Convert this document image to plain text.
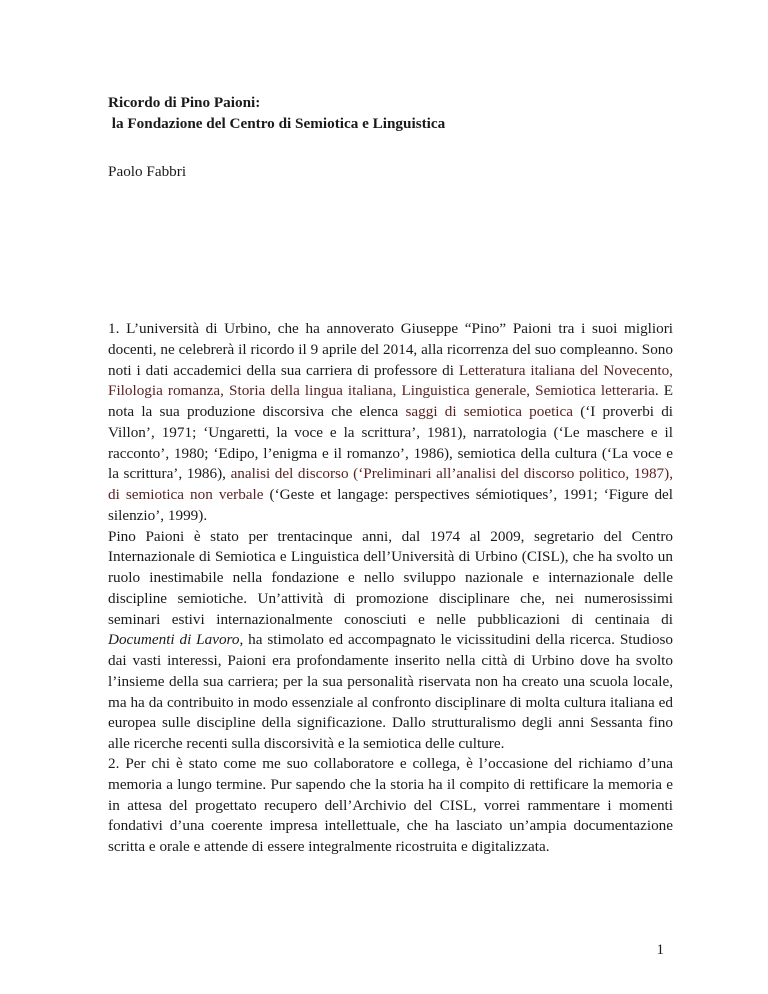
Ricordo di Pino Paioni:
la Fondazione del Centro di Semiotica e Linguistica
Paolo Fabbri
1. L’università di Urbino, che ha annoverato Giuseppe “Pino” Paioni tra i suoi migliori docenti, ne celebrerà il ricordo il 9 aprile del 2014, alla ricorrenza del suo compleanno. Sono noti i dati accademici della sua carriera di professore di Letteratura italiana del Novecento, Filologia romanza, Storia della lingua italiana, Linguistica generale, Semiotica letteraria. E nota la sua produzione discorsiva che elenca saggi di semiotica poetica (‘I proverbi di Villon’, 1971; ‘Ungaretti, la voce e la scrittura’, 1981), narratologia (‘Le maschere e il racconto’, 1980; ‘Edipo, l’enigma e il romanzo’, 1986), semiotica della cultura (‘La voce e la scrittura’, 1986), analisi del discorso (‘Preliminari all’analisi del discorso politico, 1987), di semiotica non verbale (‘Geste et langage: perspectives sémiotiques’, 1991; ‘Figure del silenzio’, 1999).
Pino Paioni è stato per trentacinque anni, dal 1974 al 2009, segretario del Centro Internazionale di Semiotica e Linguistica dell’Università di Urbino (CISL), che ha svolto un ruolo inestimabile nella fondazione e nello sviluppo nazionale e internazionale delle discipline semiotiche. Un’attività di promozione disciplinare che, nei numerosissimi seminari estivi internazionalmente conosciuti e nelle pubblicazioni di centinaia di Documenti di Lavoro, ha stimolato ed accompagnato le vicissitudini della ricerca. Studioso dai vasti interessi, Paioni era profondamente inserito nella città di Urbino dove ha svolto l’insieme della sua carriera; per la sua personalità riservata non ha creato una scuola locale, ma ha da contribuito in modo essenziale al confronto disciplinare di molta cultura italiana ed europea sulle discipline della significazione. Dallo strutturalismo degli anni Sessanta fino alle ricerche recenti sulla discorsività e la semiotica delle culture.
2. Per chi è stato come me suo collaboratore e collega, è l’occasione del richiamo d’una memoria a lungo termine. Pur sapendo che la storia ha il compito di rettificare la memoria e in attesa del progettato recupero dell’Archivio del CISL, vorrei rammentare i momenti fondativi d’una coerente impresa intellettuale, che ha lasciato un’ampia documentazione scritta e orale e attende di essere integralmente ricostruita e digitalizzata.
1
